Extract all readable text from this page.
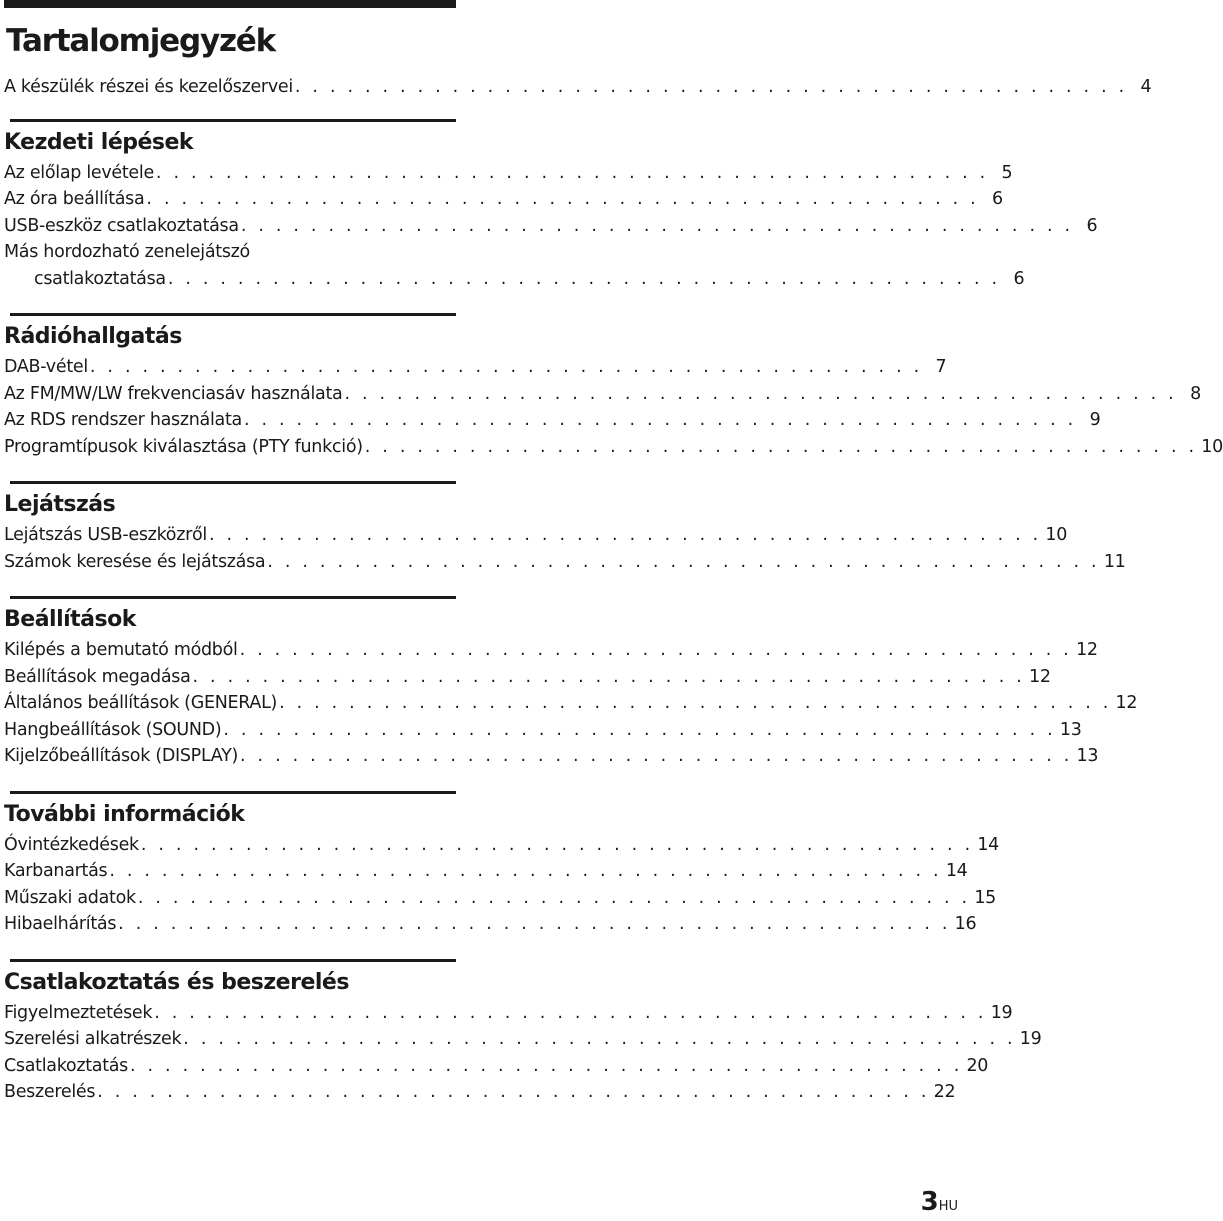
Tartalomjegyzék
A készülék részei és kezelőszervei . . . . . . . . . . . . . . . . . . . . . . . . . . . . . . . . . . . . . . . . . . . . . . . . 4
Kezdeti lépések
Az előlap levétele . . . . . . . . . . . . . . . . . . . . . . . . . . . . . . . . . . . . . . . . . . . . . . . . 5
Az óra beállítása . . . . . . . . . . . . . . . . . . . . . . . . . . . . . . . . . . . . . . . . . . . . . . . . 6
USB-eszköz csatlakoztatása . . . . . . . . . . . . . . . . . . . . . . . . . . . . . . . . . . . . . . . . . . . . . . . . 6
Más hordozható zenelejátszó
csatlakoztatása . . . . . . . . . . . . . . . . . . . . . . . . . . . . . . . . . . . . . . . . . . . . . . . . 6
Rádióhallgatás
DAB-vétel . . . . . . . . . . . . . . . . . . . . . . . . . . . . . . . . . . . . . . . . . . . . . . . . 7
Az FM/MW/LW frekvenciasáv használata . . . . . . . . . . . . . . . . . . . . . . . . . . . . . . . . . . . . . . . . . . . . . . . . 8
Az RDS rendszer használata . . . . . . . . . . . . . . . . . . . . . . . . . . . . . . . . . . . . . . . . . . . . . . . . 9
Programtípusok kiválasztása (PTY funkció) . . . . . . . . . . . . . . . . . . . . . . . . . . . . . . . . . . . . . . . . . . . . . . . . 10
Lejátszás
Lejátszás USB-eszközről . . . . . . . . . . . . . . . . . . . . . . . . . . . . . . . . . . . . . . . . . . . . . . . . 10
Számok keresése és lejátszása . . . . . . . . . . . . . . . . . . . . . . . . . . . . . . . . . . . . . . . . . . . . . . . . 11
Beállítások
Kilépés a bemutató módból . . . . . . . . . . . . . . . . . . . . . . . . . . . . . . . . . . . . . . . . . . . . . . . . 12
Beállítások megadása . . . . . . . . . . . . . . . . . . . . . . . . . . . . . . . . . . . . . . . . . . . . . . . . 12
Általános beállítások (GENERAL) . . . . . . . . . . . . . . . . . . . . . . . . . . . . . . . . . . . . . . . . . . . . . . . . 12
Hangbeállítások (SOUND) . . . . . . . . . . . . . . . . . . . . . . . . . . . . . . . . . . . . . . . . . . . . . . . . 13
Kijelzőbeállítások (DISPLAY) . . . . . . . . . . . . . . . . . . . . . . . . . . . . . . . . . . . . . . . . . . . . . . . . 13
További információk
Óvintézkedések . . . . . . . . . . . . . . . . . . . . . . . . . . . . . . . . . . . . . . . . . . . . . . . . 14
Karbanartás . . . . . . . . . . . . . . . . . . . . . . . . . . . . . . . . . . . . . . . . . . . . . . . . 14
Műszaki adatok . . . . . . . . . . . . . . . . . . . . . . . . . . . . . . . . . . . . . . . . . . . . . . . . 15
Hibaelhárítás . . . . . . . . . . . . . . . . . . . . . . . . . . . . . . . . . . . . . . . . . . . . . . . . 16
Csatlakoztatás és beszerelés
Figyelmeztetések . . . . . . . . . . . . . . . . . . . . . . . . . . . . . . . . . . . . . . . . . . . . . . . . 19
Szerelési alkatrészek . . . . . . . . . . . . . . . . . . . . . . . . . . . . . . . . . . . . . . . . . . . . . . . . 19
Csatlakoztatás . . . . . . . . . . . . . . . . . . . . . . . . . . . . . . . . . . . . . . . . . . . . . . . . 20
Beszerelés . . . . . . . . . . . . . . . . . . . . . . . . . . . . . . . . . . . . . . . . . . . . . . . . 22
3HU
